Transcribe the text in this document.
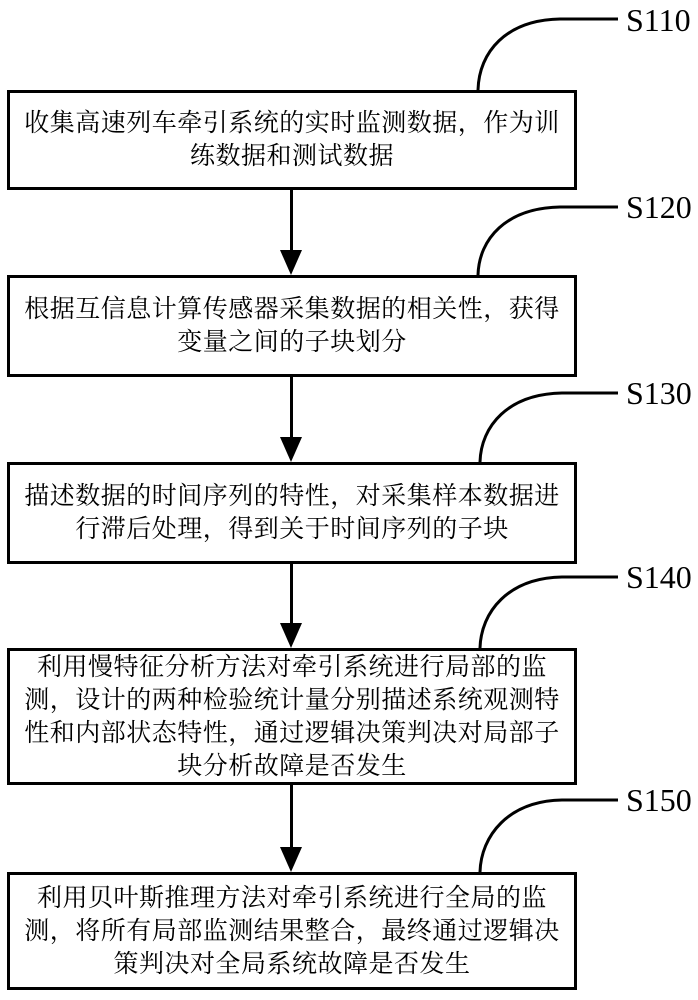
收集高速列车牵引系统的实时监测数据，作为训
练数据和测试数据
根据互信息计算传感器采集数据的相关性，获得
变量之间的子块划分
描述数据的时间序列的特性，对采集样本数据进
行滞后处理，得到关于时间序列的子块
利用慢特征分析方法对牵引系统进行局部的监
测，设计的两种检验统计量分别描述系统观测特
性和内部状态特性，通过逻辑决策判决对局部子
块分析故障是否发生
利用贝叶斯推理方法对牵引系统进行全局的监
测，将所有局部监测结果整合，最终通过逻辑决
策判决对全局系统故障是否发生
S110
S120
S130
S140
S150
